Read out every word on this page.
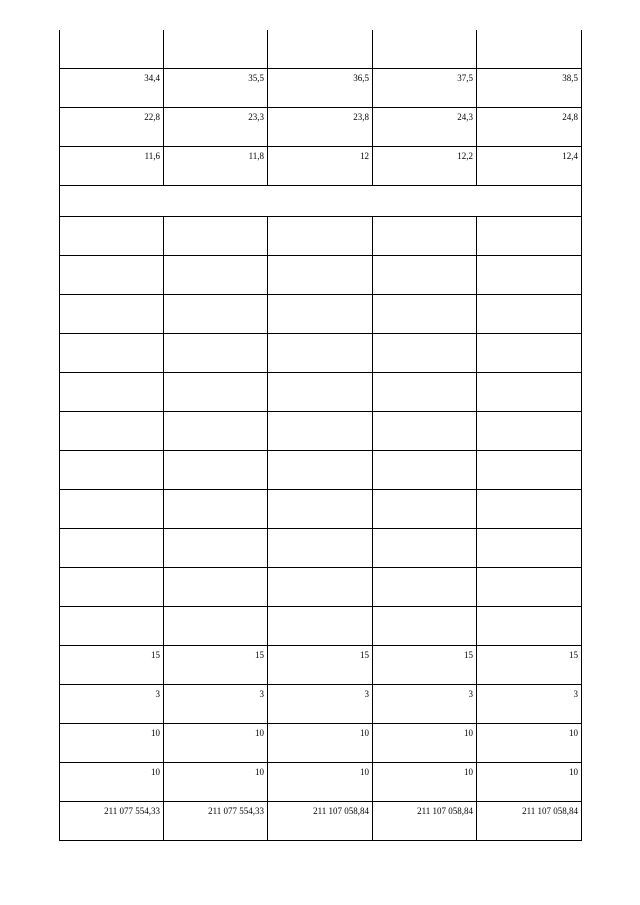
34,4	35,5	36,5	37,5	38,5
22,8	23,3	23,8	24,3	24,8
11,6	11,8	12	12,2	12,4

15	15	15	15	15
3	3	3	3	3
10	10	10	10	10
10	10	10	10	10
211 077 554,33	211 077 554,33	211 107 058,84	211 107 058,84	211 107 058,84
